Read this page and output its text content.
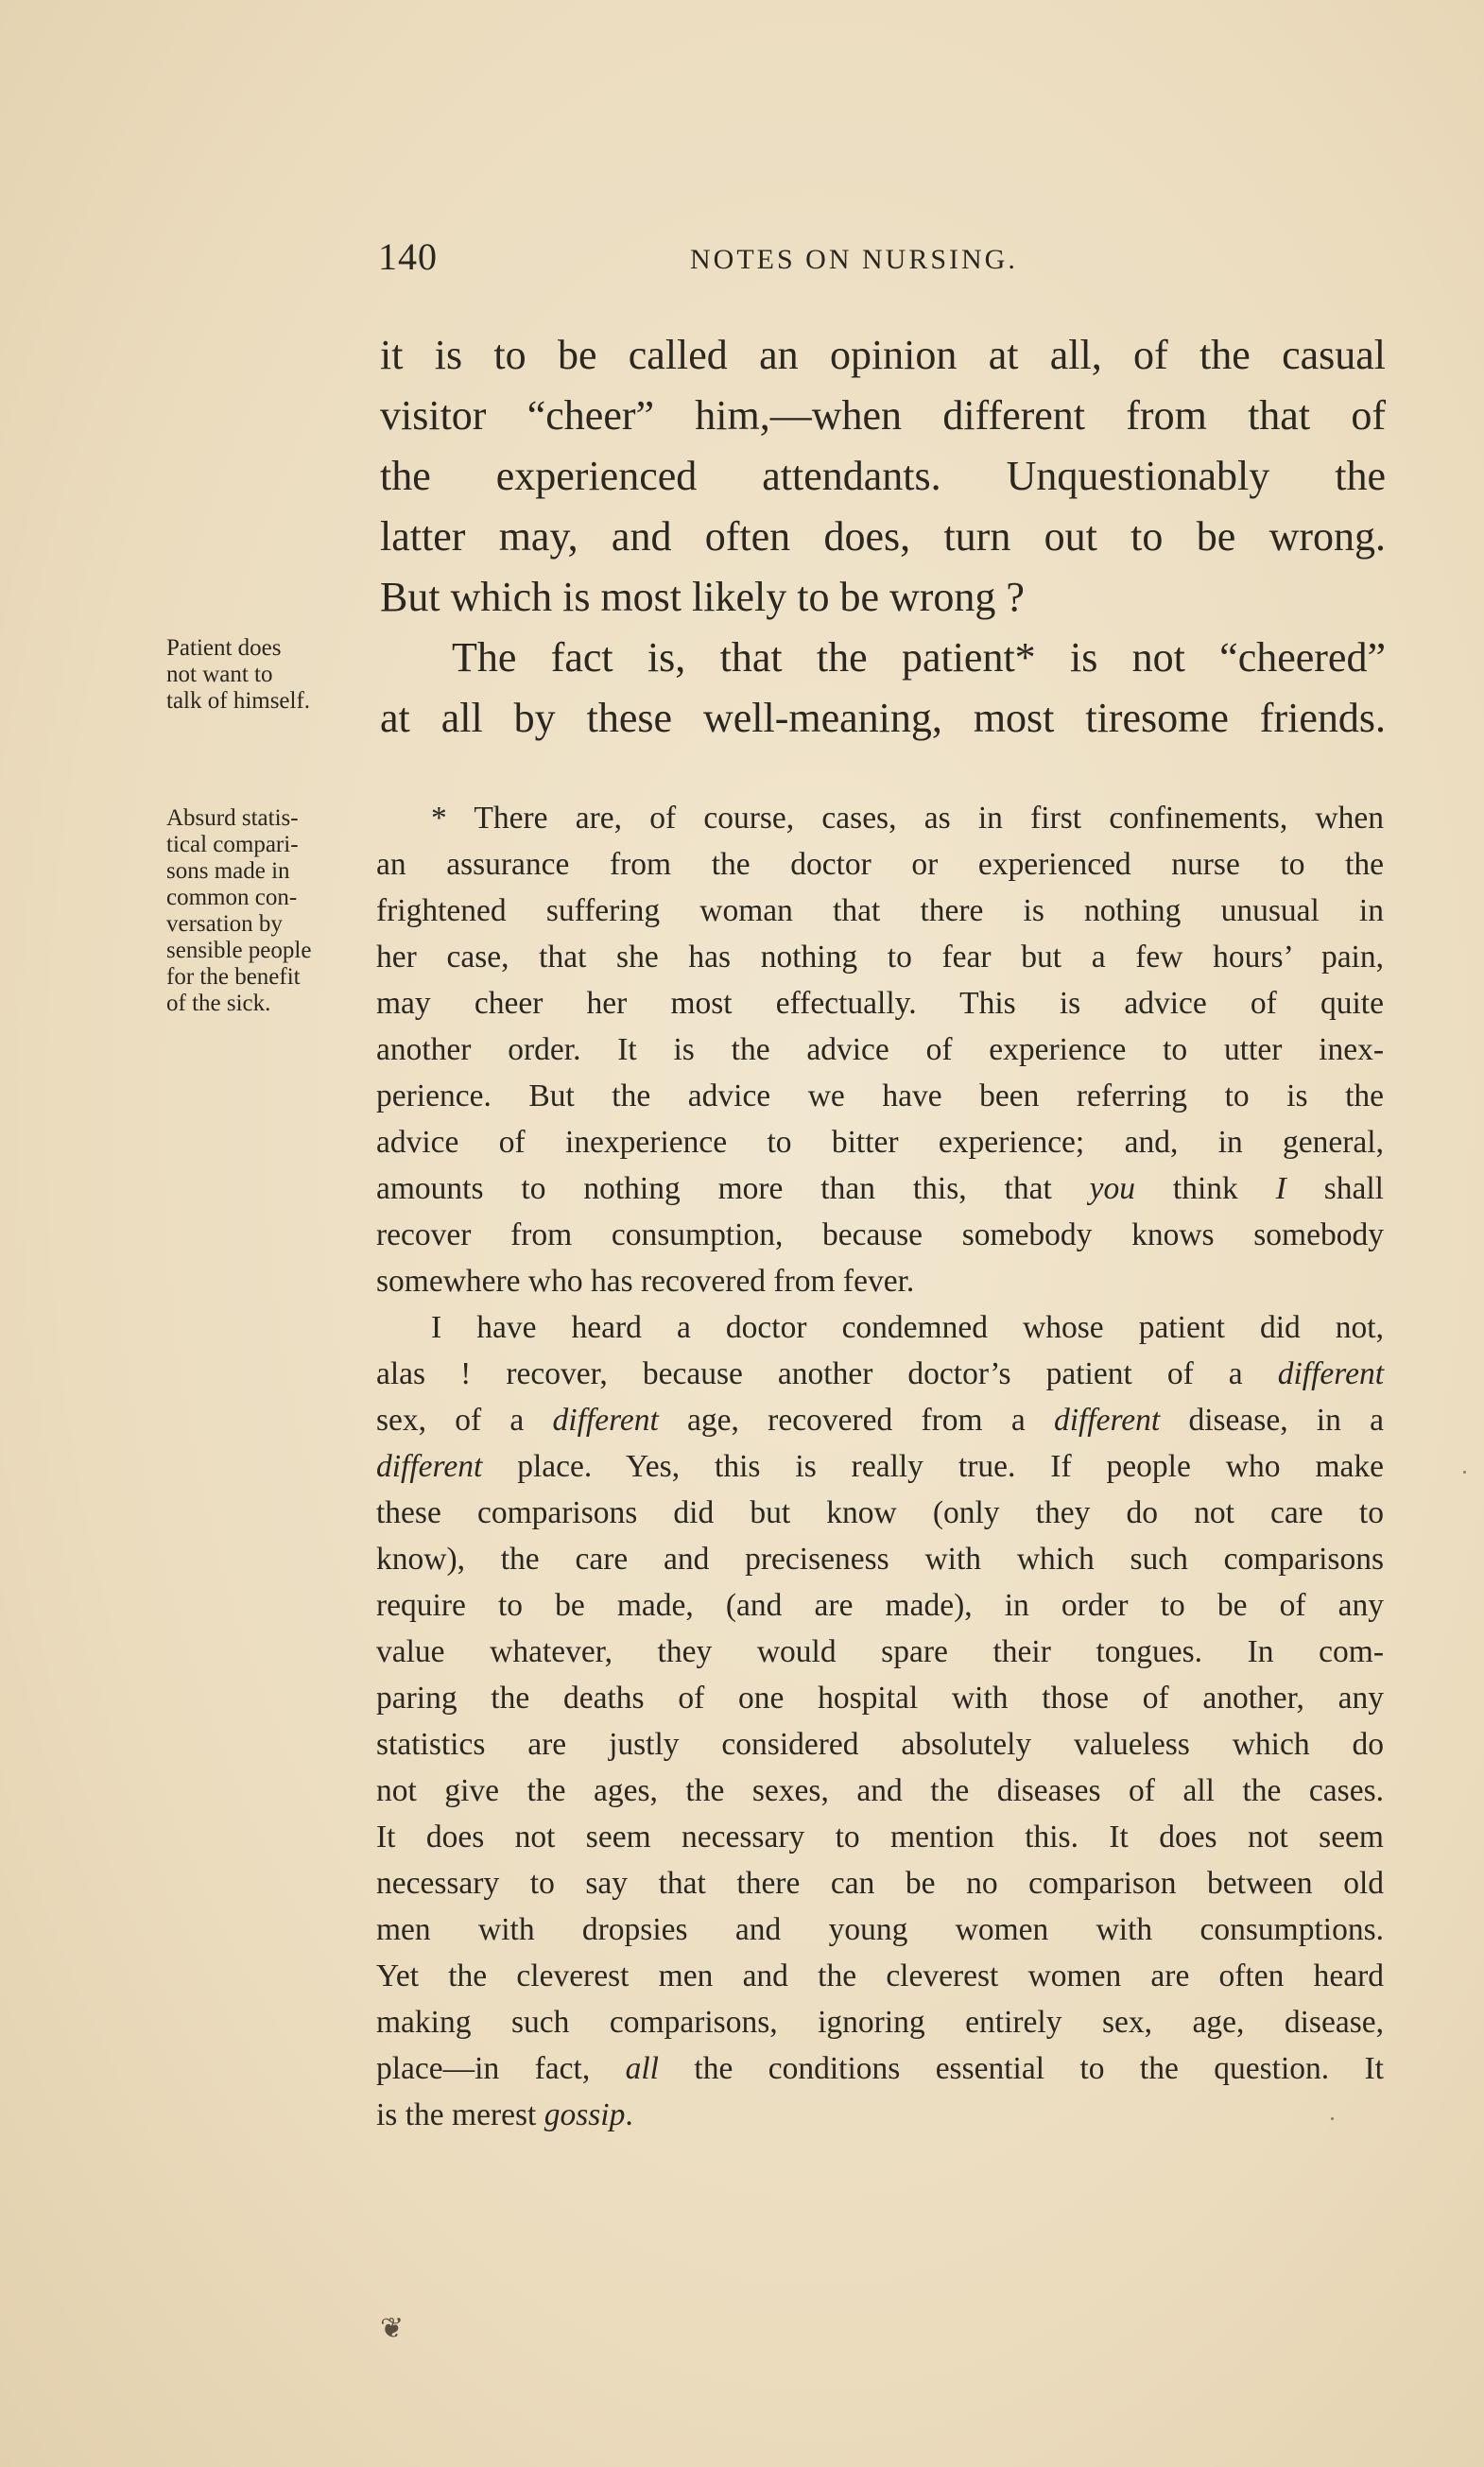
140	NOTES ON NURSING.
it is to be called an opinion at all, of the casual
visitor “cheer” him,—when different from that of
the experienced attendants. Unquestionably the
latter may, and often does, turn out to be wrong.
But which is most likely to be wrong ?
The fact is, that the patient* is not “cheered”
at all by these well-meaning, most tiresome friends.
Patient does
not want to
talk of himself.
Absurd statis-
tical compari-
sons made in
common con-
versation by
sensible people
for the benefit
of the sick.
* There are, of course, cases, as in first confinements, when
an assurance from the doctor or experienced nurse to the
frightened suffering woman that there is nothing unusual in
her case, that she has nothing to fear but a few hours’ pain,
may cheer her most effectually. This is advice of quite
another order. It is the advice of experience to utter inex-
perience. But the advice we have been referring to is the
advice of inexperience to bitter experience; and, in general,
amounts to nothing more than this, that you think I shall
recover from consumption, because somebody knows somebody
somewhere who has recovered from fever.
I have heard a doctor condemned whose patient did not,
alas ! recover, because another doctor’s patient of a different
sex, of a different age, recovered from a different disease, in a
different place. Yes, this is really true. If people who make
these comparisons did but know (only they do not care to
know), the care and preciseness with which such comparisons
require to be made, (and are made), in order to be of any
value whatever, they would spare their tongues. In com-
paring the deaths of one hospital with those of another, any
statistics are justly considered absolutely valueless which do
not give the ages, the sexes, and the diseases of all the cases.
It does not seem necessary to mention this. It does not seem
necessary to say that there can be no comparison between old
men with dropsies and young women with consumptions.
Yet the cleverest men and the cleverest women are often heard
making such comparisons, ignoring entirely sex, age, disease,
place—in fact, all the conditions essential to the question. It
is the merest gossip.
❦
